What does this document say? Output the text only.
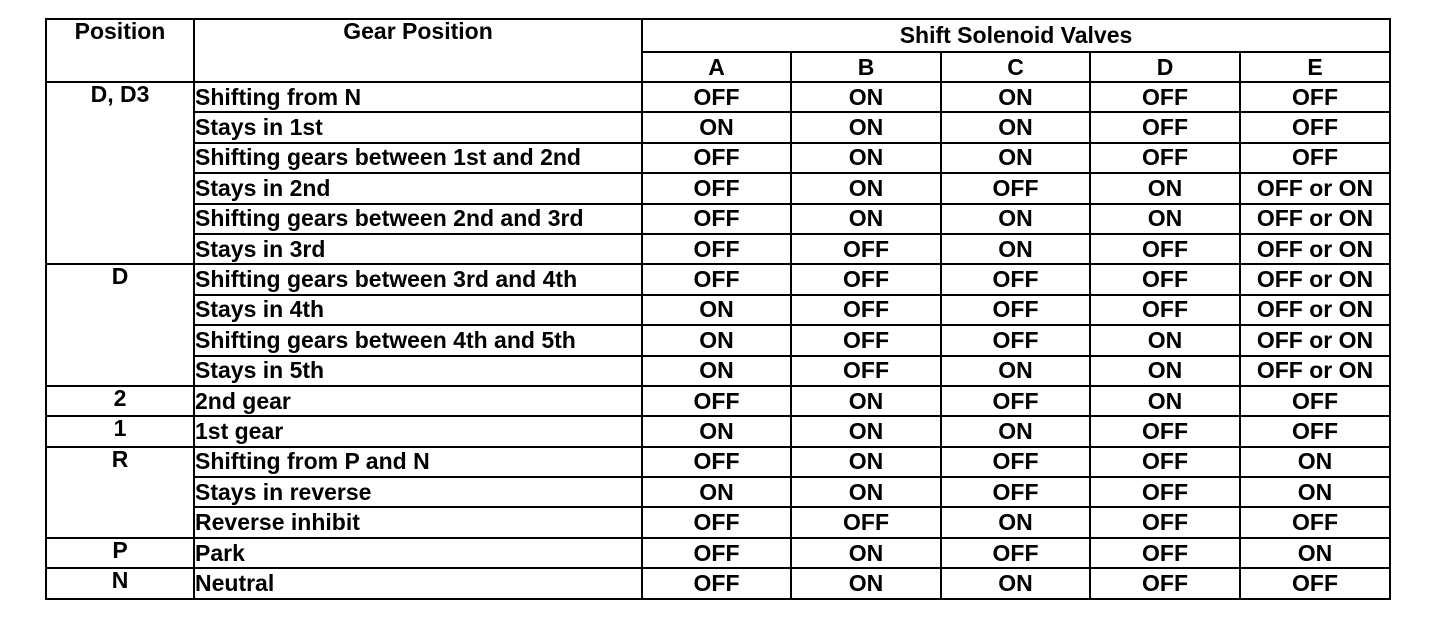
Position	Gear Position	Shift Solenoid Valves				
		A	B	C	D	E
D, D3	Shifting from N	OFF	ON	ON	OFF	OFF
	Stays in 1st	ON	ON	ON	OFF	OFF
	Shifting gears between 1st and 2nd	OFF	ON	ON	OFF	OFF
	Stays in 2nd	OFF	ON	OFF	ON	OFF or ON
	Shifting gears between 2nd and 3rd	OFF	ON	ON	ON	OFF or ON
	Stays in 3rd	OFF	OFF	ON	OFF	OFF or ON
D	Shifting gears between 3rd and 4th	OFF	OFF	OFF	OFF	OFF or ON
	Stays in 4th	ON	OFF	OFF	OFF	OFF or ON
	Shifting gears between 4th and 5th	ON	OFF	OFF	ON	OFF or ON
	Stays in 5th	ON	OFF	ON	ON	OFF or ON
2	2nd gear	OFF	ON	OFF	ON	OFF
1	1st gear	ON	ON	ON	OFF	OFF
R	Shifting from P and N	OFF	ON	OFF	OFF	ON
	Stays in reverse	ON	ON	OFF	OFF	ON
	Reverse inhibit	OFF	OFF	ON	OFF	OFF
P	Park	OFF	ON	OFF	OFF	ON
N	Neutral	OFF	ON	ON	OFF	OFF
